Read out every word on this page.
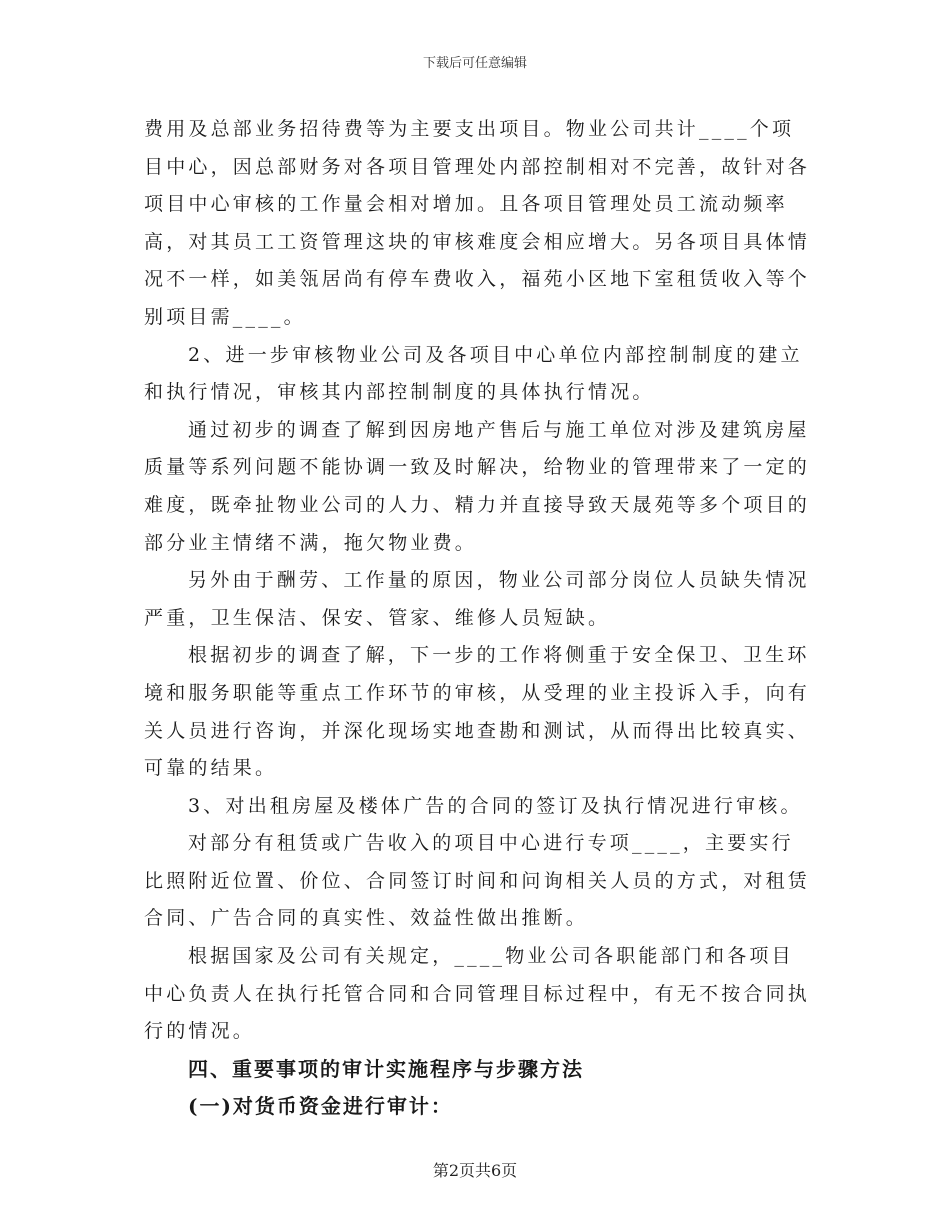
下载后可任意编辑

费用及总部业务招待费等为主要支出项目。物业公司共计____个项目中心，因总部财务对各项目管理处内部控制相对不完善，故针对各项目中心审核的工作量会相对增加。且各项目管理处员工流动频率高，对其员工工资管理这块的审核难度会相应增大。另各项目具体情况不一样，如美瓴居尚有停车费收入，福苑小区地下室租赁收入等个别项目需____。

2、进一步审核物业公司及各项目中心单位内部控制制度的建立和执行情况，审核其内部控制制度的具体执行情况。

通过初步的调查了解到因房地产售后与施工单位对涉及建筑房屋质量等系列问题不能协调一致及时解决，给物业的管理带来了一定的难度，既牵扯物业公司的人力、精力并直接导致天晟苑等多个项目的部分业主情绪不满，拖欠物业费。

另外由于酬劳、工作量的原因，物业公司部分岗位人员缺失情况严重，卫生保洁、保安、管家、维修人员短缺。

根据初步的调查了解，下一步的工作将侧重于安全保卫、卫生环境和服务职能等重点工作环节的审核，从受理的业主投诉入手，向有关人员进行咨询，并深化现场实地查勘和测试，从而得出比较真实、可靠的结果。

3、对出租房屋及楼体广告的合同的签订及执行情况进行审核。

对部分有租赁或广告收入的项目中心进行专项____，主要实行比照附近位置、价位、合同签订时间和问询相关人员的方式，对租赁合同、广告合同的真实性、效益性做出推断。

根据国家及公司有关规定，____物业公司各职能部门和各项目中心负责人在执行托管合同和合同管理目标过程中，有无不按合同执行的情况。

四、重要事项的审计实施程序与步骤方法
(一)对货币资金进行审计：
第2页共6页
